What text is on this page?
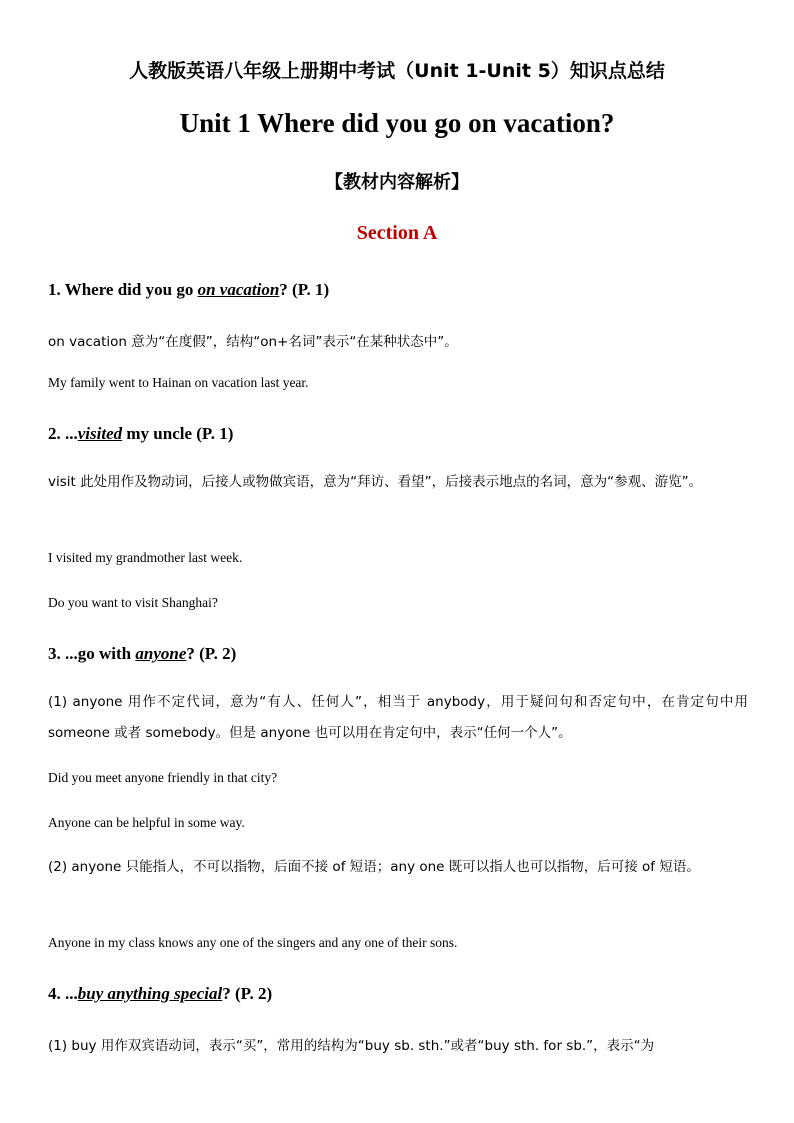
人教版英语八年级上册期中考试（Unit 1-Unit 5）知识点总结
Unit 1 Where did you go on vacation?
【教材内容解析】
Section A
1. Where did you go on vacation? (P. 1)
on vacation 意为“在度假”，结构“on+名词”表示“在某种状态中”。
My family went to Hainan on vacation last year.
2. ...visited my uncle (P. 1)
visit 此处用作及物动词，后接人或物做宾语，意为“拜访、看望”，后接表示地点的名词，意为“参观、游览”。
I visited my grandmother last week.
Do you want to visit Shanghai?
3. ...go with anyone? (P. 2)
(1) anyone 用作不定代词，意为“有人、任何人”，相当于 anybody，用于疑问句和否定句中，在肯定句中用 someone 或者 somebody。但是 anyone 也可以用在肯定句中，表示“任何一个人”。
Did you meet anyone friendly in that city?
Anyone can be helpful in some way.
(2) anyone 只能指人，不可以指物，后面不接 of 短语；any one 既可以指人也可以指物，后可接 of 短语。
Anyone in my class knows any one of the singers and any one of their sons.
4. ...buy anything special? (P. 2)
(1) buy 用作双宾语动词，表示“买”，常用的结构为“buy sb. sth.”或者“buy sth. for sb.”，表示“为
